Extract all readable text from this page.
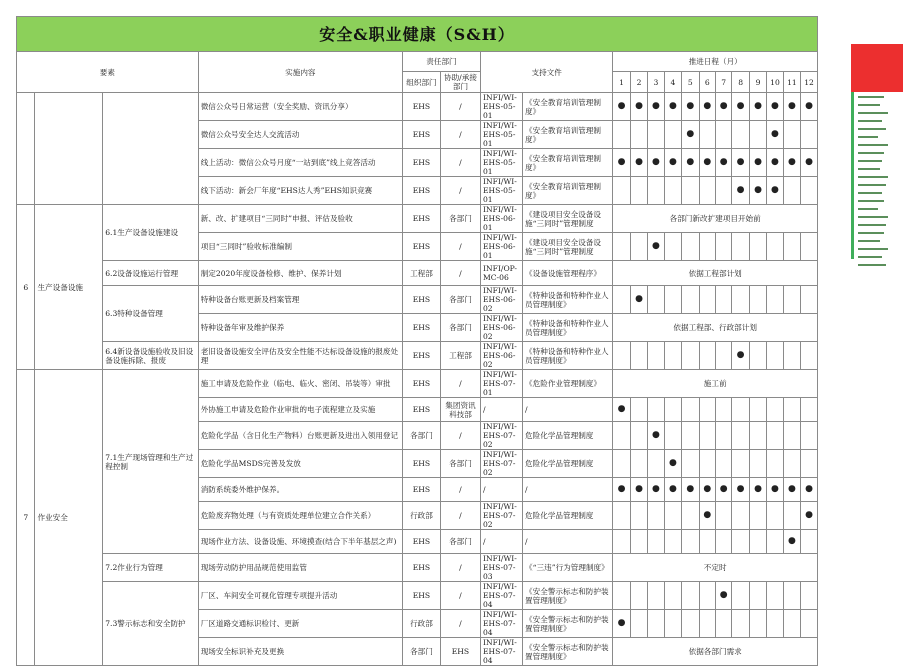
安全&职业健康（S&H）																			
要素			实施内容	责任部门		支持文件		推进日程（月）											
				组织部门	协助/承接部门			1	2	3	4	5	6	7	8	9	10	11	12
			微信公众号日常运营（安全奖励、资讯分享）	EHS	/	INFI/WI-EHS-05-01	《安全教育培训管理制度》	●	●	●	●	●	●	●	●	●	●	●	●
			微信公众号安全达人交流活动	EHS	/	INFI/WI-EHS-05-01	《安全教育培训管理制度》					●					●		
			线上活动：微信公众号月度“一站到底”线上竞答活动	EHS	/	INFI/WI-EHS-05-01	《安全教育培训管理制度》	●	●	●	●	●	●	●	●	●	●	●	●
			线下活动：新会厂年度“EHS达人秀”EHS知识竞赛	EHS	/	INFI/WI-EHS-05-01	《安全教育培训管理制度》								●	●	●		
6	生产设备设施	6.1生产设备设施建设	新、改、扩建项目“三同时”申报、评估及验收	EHS	各部门	INFI/WI-EHS-06-01	《建设项目安全设备设施“三同时”管理制度	各部门新改扩建项目开始前											
			项目“三同时”验收标准编制	EHS	/	INFI/WI-EHS-06-01	《建设项目安全设备设施“三同时”管理制度			●									
		6.2设备设施运行管理	制定2020年度设备检修、维护、保养计划	工程部	/	INFI/OP-MC-06	《设备设施管理程序》	依据工程部计划											
		6.3特种设备管理	特种设备台账更新及档案管理	EHS	各部门	INFI/WI-EHS-06-02	《特种设备和特种作业人员管理制度》		●										
			特种设备年审及维护保养	EHS	各部门	INFI/WI-EHS-06-02	《特种设备和特种作业人员管理制度》	依据工程部、行政部计划											
		6.4新设备设施验收及旧设备设施拆除、报废	老旧设备设施安全评估及安全性能不达标设备设施的报废处理	EHS	工程部	INFI/WI-EHS-06-02	《特种设备和特种作业人员管理制度》								●				
7	作业安全	7.1生产现场管理和生产过程控制	施工申请及危险作业（临电、临火、密闭、吊装等）审批	EHS	/	INFI/WI-EHS-07-01	《危险作业管理制度》	施工前											
			外协施工申请及危险作业审批的电子流程建立及实施	EHS	集团资讯科技部	/	/	●											
			危险化学品（含日化生产物料）台账更新及进出入领用登记	各部门	/	INFI/WI-EHS-07-02	危险化学品管理制度			●									
			危险化学品MSDS完善及发放	EHS	各部门	INFI/WI-EHS-07-02	危险化学品管理制度				●								
			消防系统委外维护保养。	EHS	/	/	/	●	●	●	●	●	●	●	●	●	●	●	●
			危险废弃物处理（与有资质处理单位建立合作关系）	行政部	/	INFI/WI-EHS-07-02	危险化学品管理制度						●						●
			现场作业方法、设备设施、环境摸查(结合下半年基层之声)	EHS	各部门	/	/											●	
		7.2作业行为管理	现场劳动防护用品规范使用监管	EHS	/	INFI/WI-EHS-07-03	《“三违”行为管理制度》	不定时											
		7.3警示标志和安全防护	厂区、车间安全可视化管理专项提升活动	EHS	/	INFI/WI-EHS-07-04	《安全警示标志和防护装置管理制度》							●					
			厂区道路交通标识检讨、更新	行政部	/	INFI/WI-EHS-07-04	《安全警示标志和防护装置管理制度》	●											
			现场安全标识补充及更换	各部门	EHS	INFI/WI-EHS-07-04	《安全警示标志和防护装置管理制度》	依据各部门需求											
